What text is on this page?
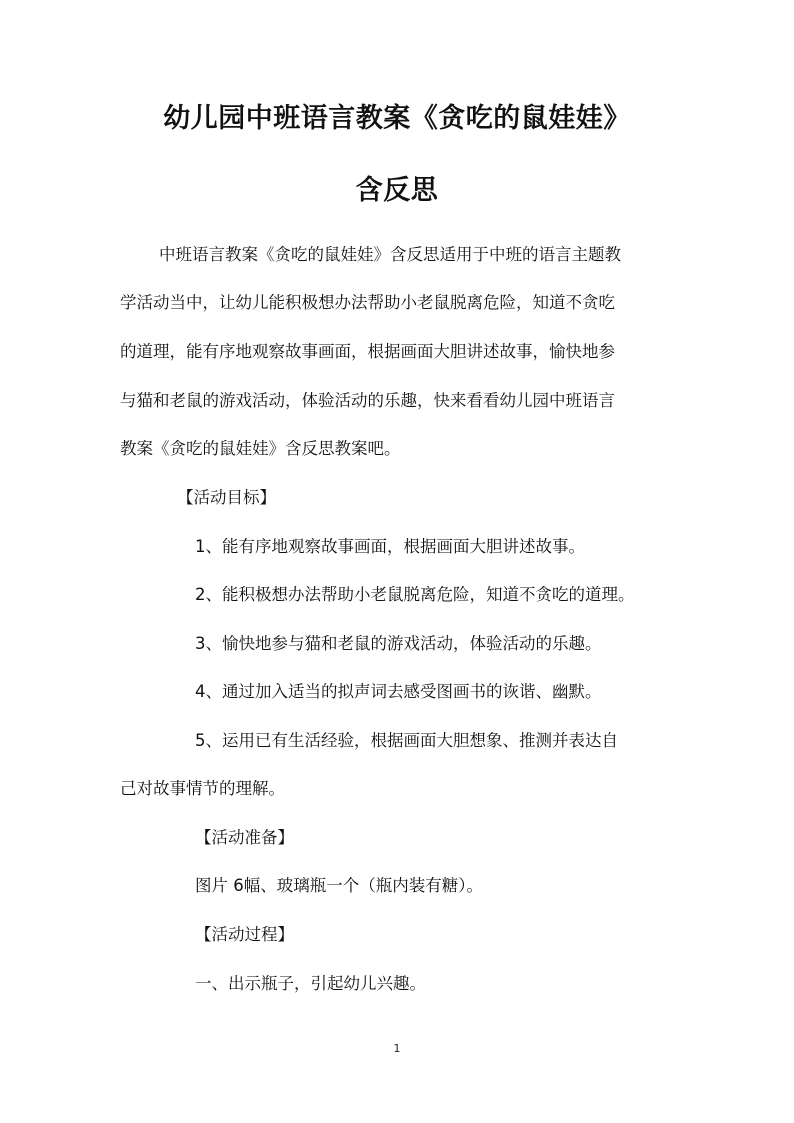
幼儿园中班语言教案《贪吃的鼠娃娃》
含反思

中班语言教案《贪吃的鼠娃娃》含反思适用于中班的语言主题教

学活动当中，让幼儿能积极想办法帮助小老鼠脱离危险，知道不贪吃

的道理，能有序地观察故事画面，根据画面大胆讲述故事，愉快地参

与猫和老鼠的游戏活动，体验活动的乐趣，快来看看幼儿园中班语言

教案《贪吃的鼠娃娃》含反思教案吧。

【活动目标】

1、能有序地观察故事画面，根据画面大胆讲述故事。

2、能积极想办法帮助小老鼠脱离危险，知道不贪吃的道理。

3、愉快地参与猫和老鼠的游戏活动，体验活动的乐趣。

4、通过加入适当的拟声词去感受图画书的诙谐、幽默。

5、运用已有生活经验，根据画面大胆想象、推测并表达自

己对故事情节的理解。

【活动准备】

图片 6幅、玻璃瓶一个（瓶内装有糖）。

【活动过程】

一、出示瓶子，引起幼儿兴趣。

1
